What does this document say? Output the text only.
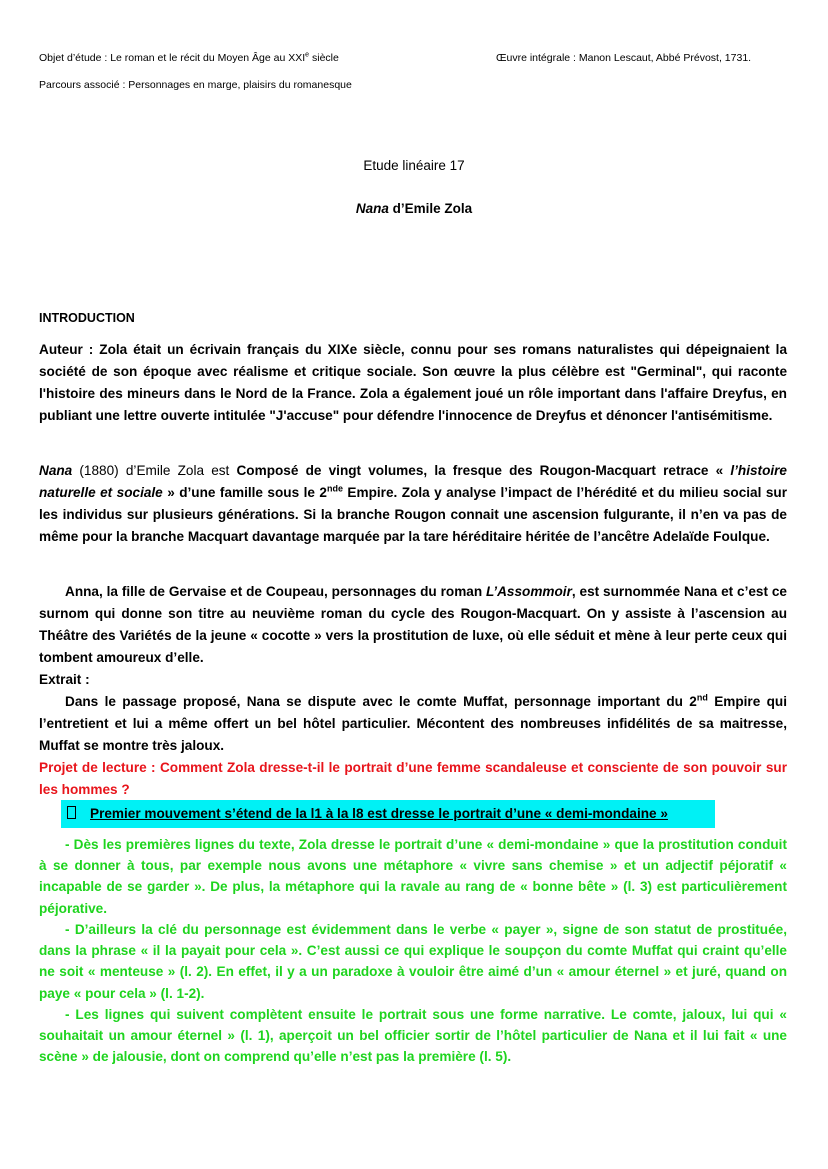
Objet d’étude : Le roman et le récit du Moyen Âge au XXIe siècle	Œuvre intégrale : Manon Lescaut, Abbé Prévost, 1731.
Parcours associé : Personnages en marge, plaisirs du romanesque
Etude linéaire 17
Nana d’Emile Zola
INTRODUCTION

Auteur : Zola était un écrivain français du XIXe siècle, connu pour ses romans naturalistes qui dépeignaient la société de son époque avec réalisme et critique sociale. Son œuvre la plus célèbre est "Germinal", qui raconte l'histoire des mineurs dans le Nord de la France. Zola a également joué un rôle important dans l'affaire Dreyfus, en publiant une lettre ouverte intitulée "J'accuse" pour défendre l'innocence de Dreyfus et dénoncer l'antisémitisme.

Nana (1880) d’Emile Zola est Composé de vingt volumes, la fresque des Rougon-Macquart retrace « l’histoire naturelle et sociale » d’une famille sous le 2nde Empire. Zola y analyse l’impact de l’hérédité et du milieu social sur les individus sur plusieurs générations. Si la branche Rougon connait une ascension fulgurante, il n’en va pas de même pour la branche Macquart davantage marquée par la tare héréditaire héritée de l’ancêtre Adelaïde Foulque.

Anna, la fille de Gervaise et de Coupeau, personnages du roman L’Assommoir, est surnommée Nana et c’est ce surnom qui donne son titre au neuvième roman du cycle des Rougon-Macquart. On y assiste à l’ascension au Théâtre des Variétés de la jeune « cocotte » vers la prostitution de luxe, où elle séduit et mène à leur perte ceux qui tombent amoureux d’elle.

Extrait :

Dans le passage proposé, Nana se dispute avec le comte Muffat, personnage important du 2nd Empire qui l’entretient et lui a même offert un bel hôtel particulier. Mécontent des nombreuses infidélités de sa maitresse, Muffat se montre très jaloux.

Projet de lecture : Comment Zola dresse-t-il le portrait d’une femme scandaleuse et consciente de son pouvoir sur les hommes ?

Premier mouvement s’étend de la l1 à la l8 est dresse le portrait d’une « demi-mondaine »

- Dès les premières lignes du texte, Zola dresse le portrait d’une « demi-mondaine » que la prostitution conduit à se donner à tous, par exemple nous avons une métaphore « vivre sans chemise » et un adjectif péjoratif « incapable de se garder ». De plus, la métaphore qui la ravale au rang de « bonne bête » (l. 3) est particulièrement péjorative.

- D’ailleurs la clé du personnage est évidemment dans le verbe « payer », signe de son statut de prostituée, dans la phrase « il la payait pour cela ». C’est aussi ce qui explique le soupçon du comte Muffat qui craint qu’elle ne soit « menteuse » (l. 2). En effet, il y a un paradoxe à vouloir être aimé d’un « amour éternel » et juré, quand on paye « pour cela » (l. 1-2).

- Les lignes qui suivent complètent ensuite le portrait sous une forme narrative. Le comte, jaloux, lui qui « souhaitait un amour éternel » (l. 1), aperçoit un bel officier sortir de l’hôtel particulier de Nana et il lui fait « une scène » de jalousie, dont on comprend qu’elle n’est pas la première (l. 5).
